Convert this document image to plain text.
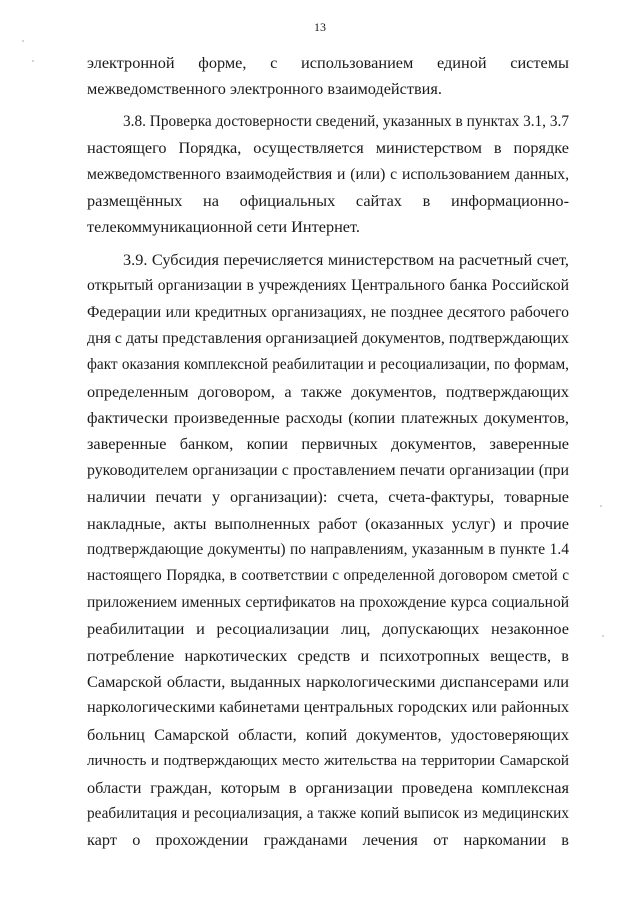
13
электронной форме, с использованием единой системы
межведомственного электронного взаимодействия.
3.8. Проверка достоверности сведений, указанных в пунктах 3.1, 3.7
настоящего Порядка, осуществляется министерством в порядке
межведомственного взаимодействия и (или) с использованием данных,
размещённых на официальных сайтах в информационно-
телекоммуникационной сети Интернет.
3.9. Субсидия перечисляется министерством на расчетный счет,
открытый организации в учреждениях Центрального банка Российской
Федерации или кредитных организациях, не позднее десятого рабочего
дня с даты представления организацией документов, подтверждающих
факт оказания комплексной реабилитации и ресоциализации, по формам,
определенным договором, а также документов, подтверждающих
фактически произведенные расходы (копии платежных документов,
заверенные банком, копии первичных документов, заверенные
руководителем организации с проставлением печати организации (при
наличии печати у организации): счета, счета-фактуры, товарные
накладные, акты выполненных работ (оказанных услуг) и прочие
подтверждающие документы) по направлениям, указанным в пункте 1.4
настоящего Порядка, в соответствии с определенной договором сметой с
приложением именных сертификатов на прохождение курса социальной
реабилитации и ресоциализации лиц, допускающих незаконное
потребление наркотических средств и психотропных веществ, в
Самарской области, выданных наркологическими диспансерами или
наркологическими кабинетами центральных городских или районных
больниц Самарской области, копий документов, удостоверяющих
личность и подтверждающих место жительства на территории Самарской
области граждан, которым в организации проведена комплексная
реабилитация и ресоциализация, а также копий выписок из медицинских
карт о прохождении гражданами лечения от наркомании в
